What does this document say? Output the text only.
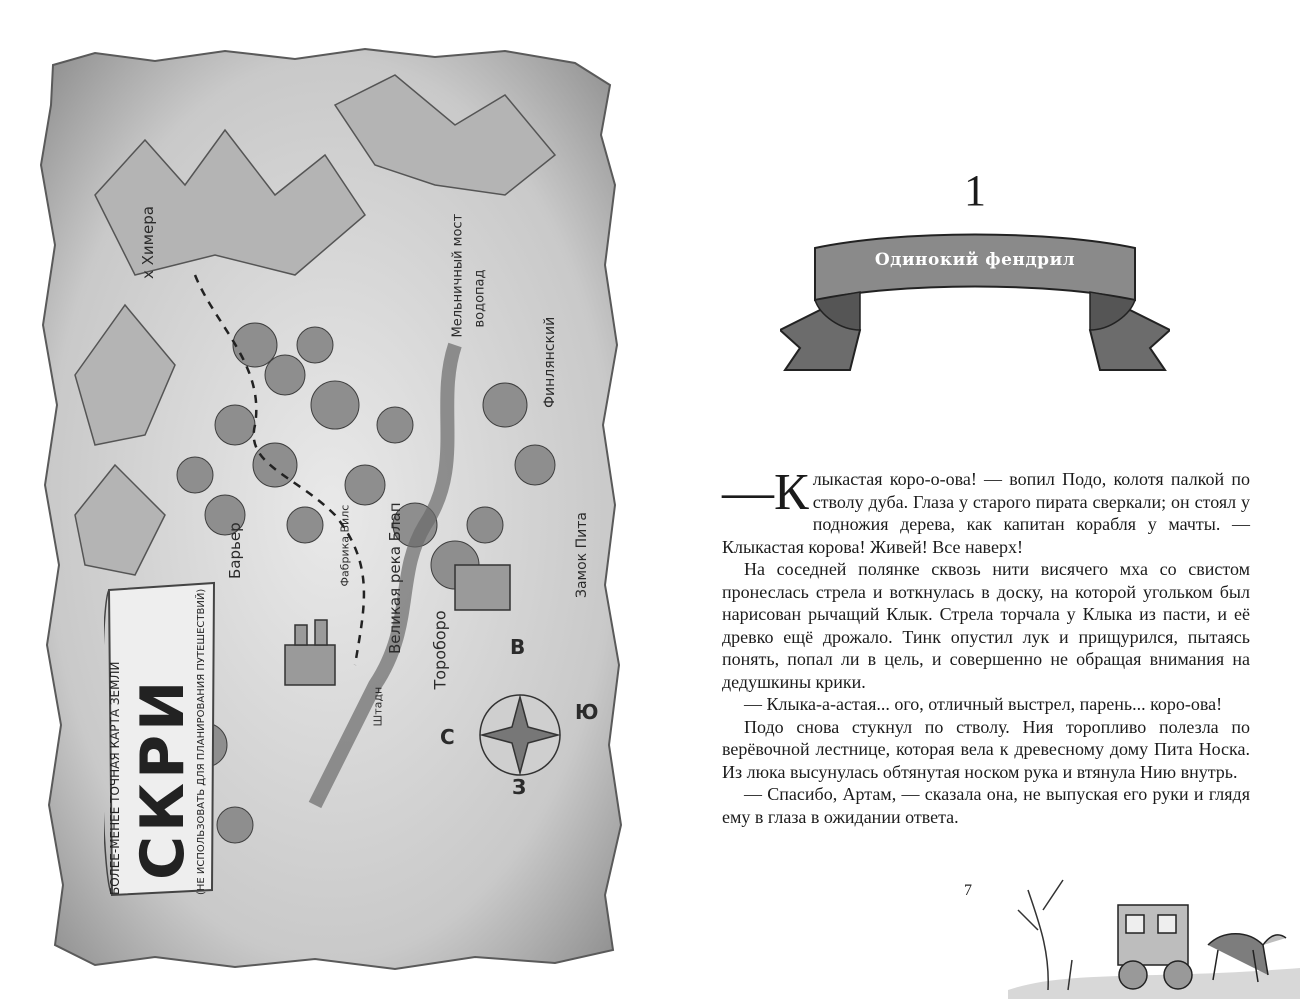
БОЛЕЕ-МЕНЕЕ ТОЧНАЯ КАРТА ЗЕМЛИ СКРИ
(НЕ ИСПОЛЬЗОВАТЬ ДЛЯ ПЛАНИРОВАНИЯ ПУТЕШЕСТВИЙ)
х Химера	Мельничный мост водопад
Финлянский
Великая река Блап	Замок Пита
Барьер
Тороборо
Фабрика Вилс
Штадн
С
В
Ю
З
1
Одинокий фендрил

—К лыкастая коро-о-ова! — вопил Подо, колотя палкой по стволу дуба. Глаза у старого пирата сверкали; он стоял у подножия дерева, как капитан корабля у мачты. — Клыкастая корова! Живей! Все наверх!

На соседней полянке сквозь нити висячего мха со свистом пронеслась стрела и воткнулась в доску, на которой угольком был нарисован рычащий Клык. Стрела торчала у Клыка из пасти, и её древко ещё дрожало. Тинк опустил лук и прищурился, пытаясь понять, попал ли в цель, и совершенно не обращая внимания на дедушкины крики.

— Клыка-а-астая... ого, отличный выстрел, парень... коро-ова!

Подо снова стукнул по стволу. Ния торопливо полезла по верёвочной лестнице, которая вела к древесному дому Пита Носка. Из люка высунулась обтянутая носком рука и втянула Нию внутрь.

— Спасибо, Артам, — сказала она, не выпуская его руки и глядя ему в глаза в ожидании ответа.

7
